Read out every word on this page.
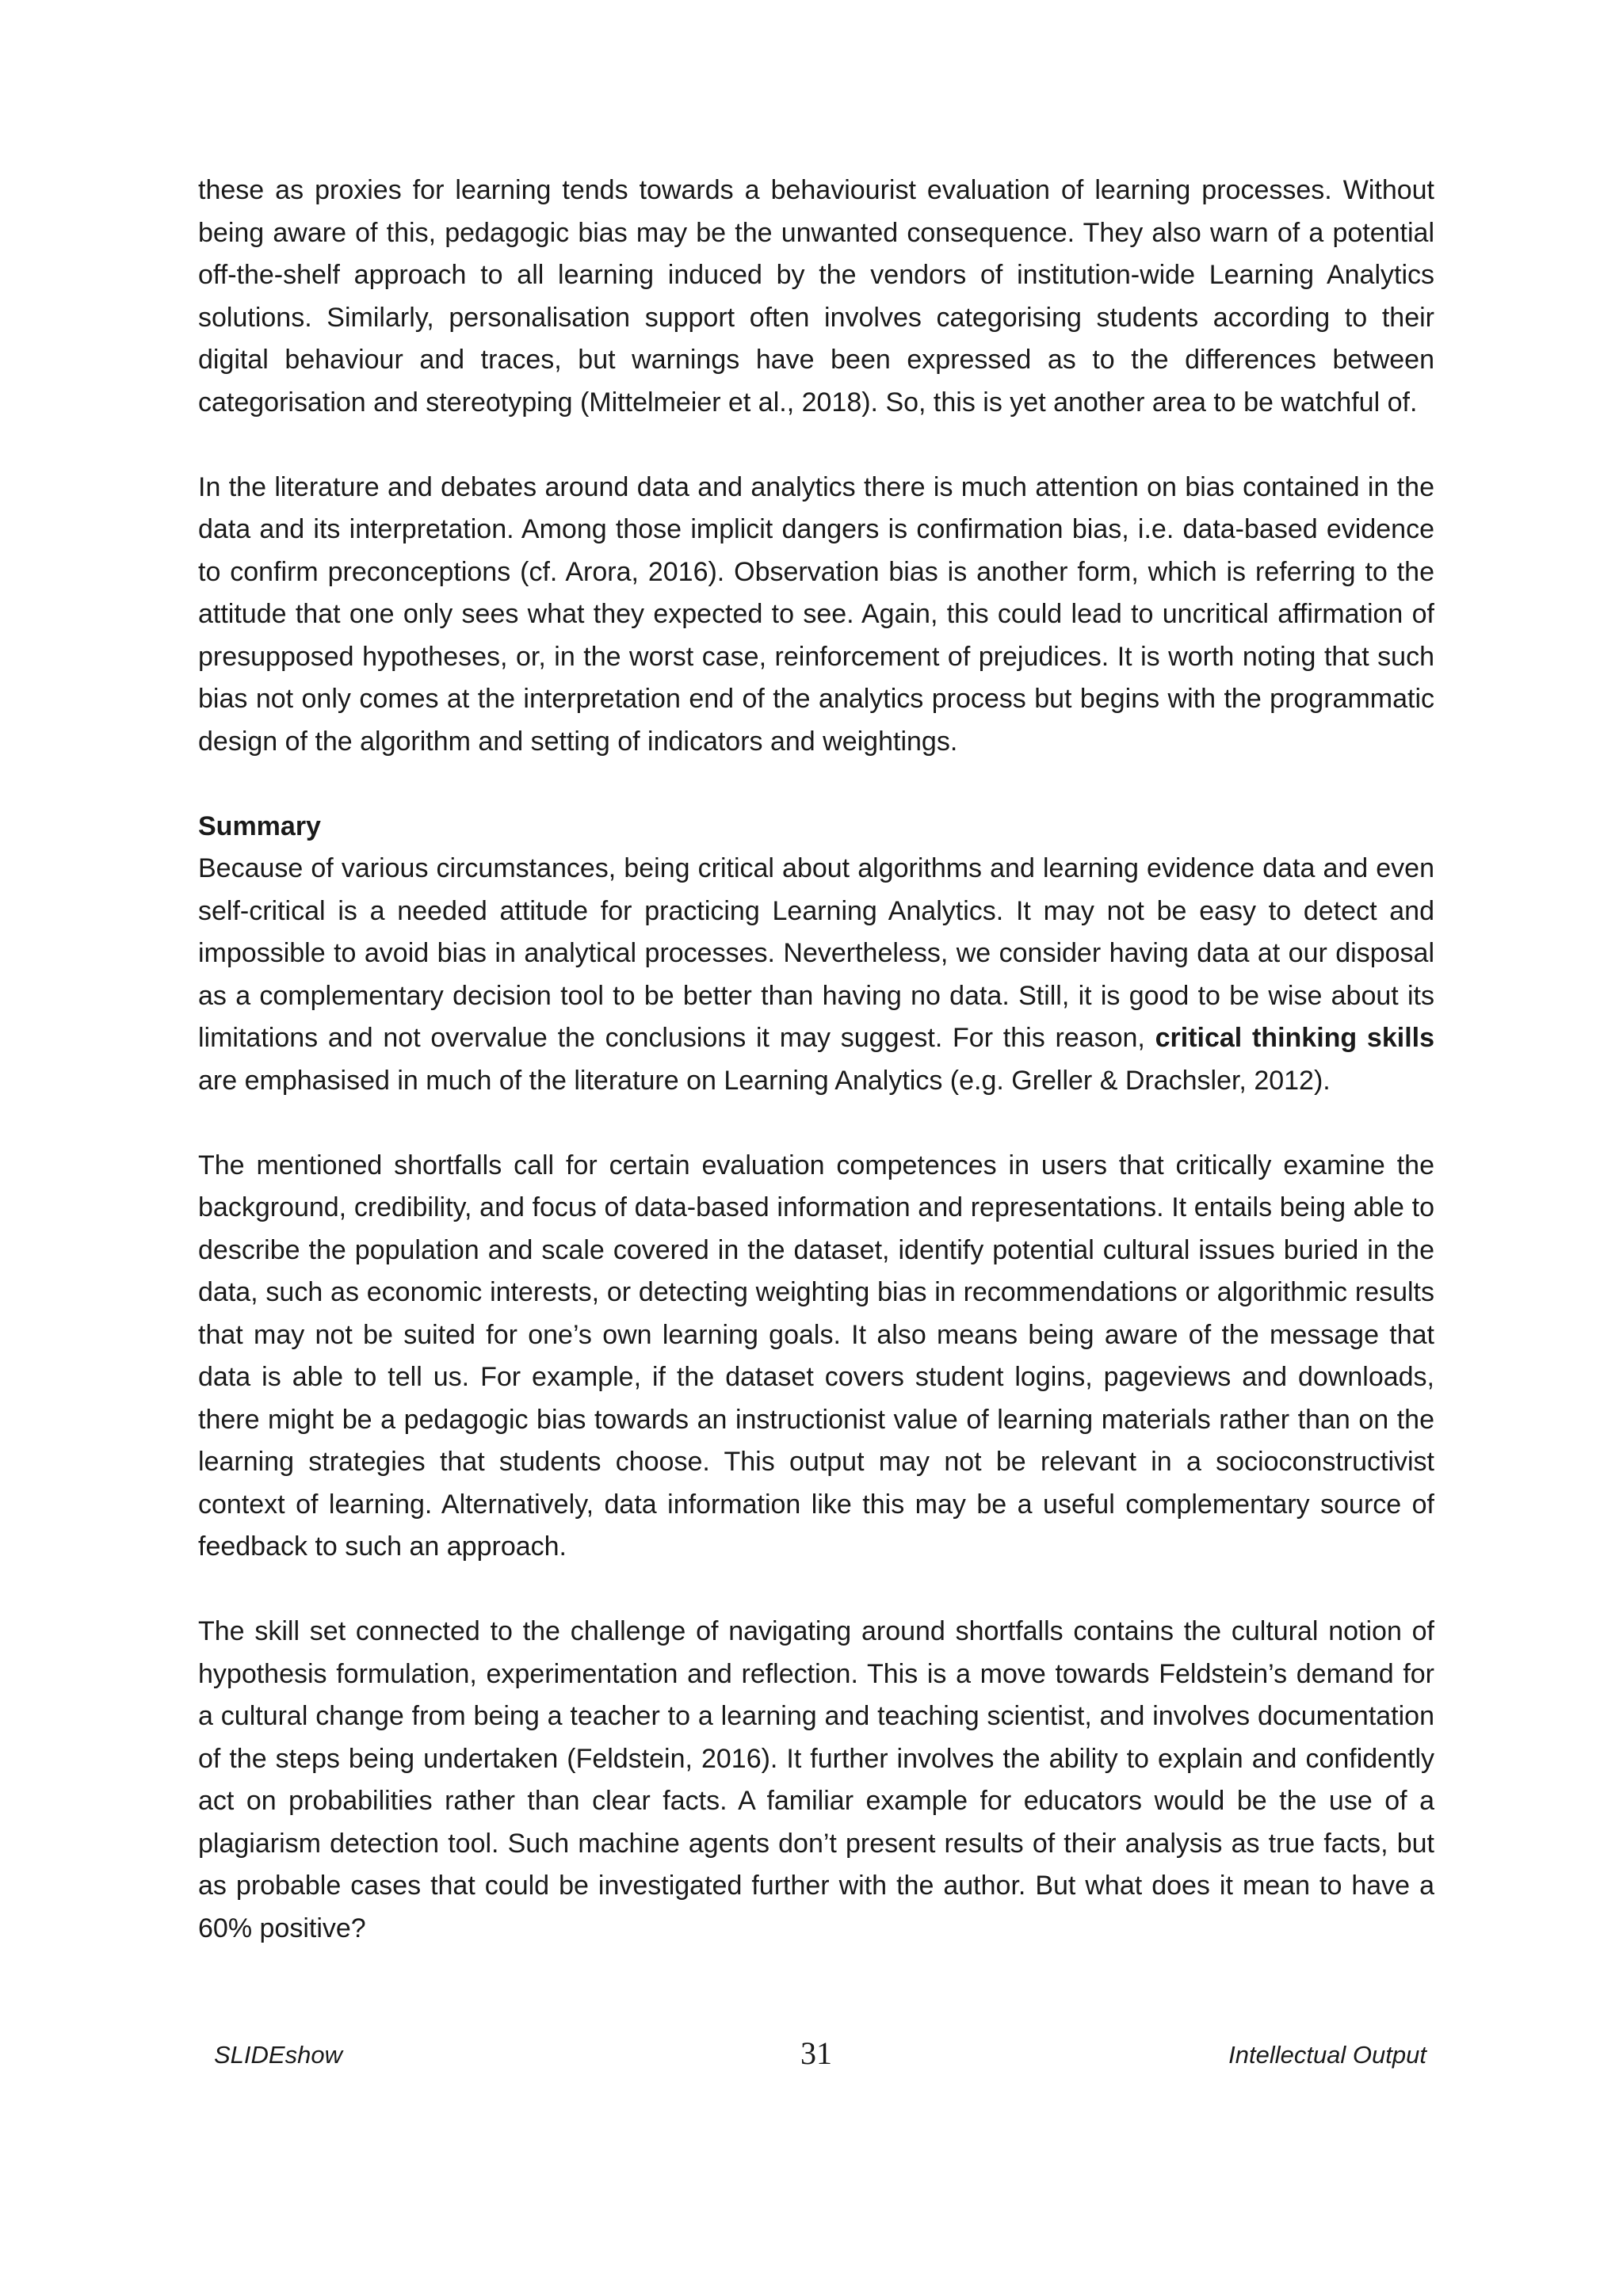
these as proxies for learning tends towards a behaviourist evaluation of learning processes. Without being aware of this, pedagogic bias may be the unwanted consequence. They also warn of a potential off-the-shelf approach to all learning induced by the vendors of institution-wide Learning Analytics solutions. Similarly, personalisation support often involves categorising students according to their digital behaviour and traces, but warnings have been expressed as to the differences between categorisation and stereotyping (Mittelmeier et al., 2018). So, this is yet another area to be watchful of.

In the literature and debates around data and analytics there is much attention on bias contained in the data and its interpretation. Among those implicit dangers is confirmation bias, i.e. data-based evidence to confirm preconceptions (cf. Arora, 2016). Observation bias is another form, which is referring to the attitude that one only sees what they expected to see. Again, this could lead to uncritical affirmation of presupposed hypotheses, or, in the worst case, reinforcement of prejudices. It is worth noting that such bias not only comes at the interpretation end of the analytics process but begins with the programmatic design of the algorithm and setting of indicators and weightings.

Summary

Because of various circumstances, being critical about algorithms and learning evidence data and even self-critical is a needed attitude for practicing Learning Analytics. It may not be easy to detect and impossible to avoid bias in analytical processes. Nevertheless, we consider having data at our disposal as a complementary decision tool to be better than having no data. Still, it is good to be wise about its limitations and not overvalue the conclusions it may suggest. For this reason, critical thinking skills are emphasised in much of the literature on Learning Analytics (e.g. Greller & Drachsler, 2012).

The mentioned shortfalls call for certain evaluation competences in users that critically examine the background, credibility, and focus of data-based information and representations. It entails being able to describe the population and scale covered in the dataset, identify potential cultural issues buried in the data, such as economic interests, or detecting weighting bias in recommendations or algorithmic results that may not be suited for one’s own learning goals. It also means being aware of the message that data is able to tell us. For example, if the dataset covers student logins, pageviews and downloads, there might be a pedagogic bias towards an instructionist value of learning materials rather than on the learning strategies that students choose. This output may not be relevant in a socioconstructivist context of learning. Alternatively, data information like this may be a useful complementary source of feedback to such an approach.

The skill set connected to the challenge of navigating around shortfalls contains the cultural notion of hypothesis formulation, experimentation and reflection. This is a move towards Feldstein’s demand for a cultural change from being a teacher to a learning and teaching scientist, and involves documentation of the steps being undertaken (Feldstein, 2016). It further involves the ability to explain and confidently act on probabilities rather than clear facts. A familiar example for educators would be the use of a plagiarism detection tool. Such machine agents don’t present results of their analysis as true facts, but as probable cases that could be investigated further with the author. But what does it mean to have a 60% positive?

SLIDEshow	31	Intellectual Output
